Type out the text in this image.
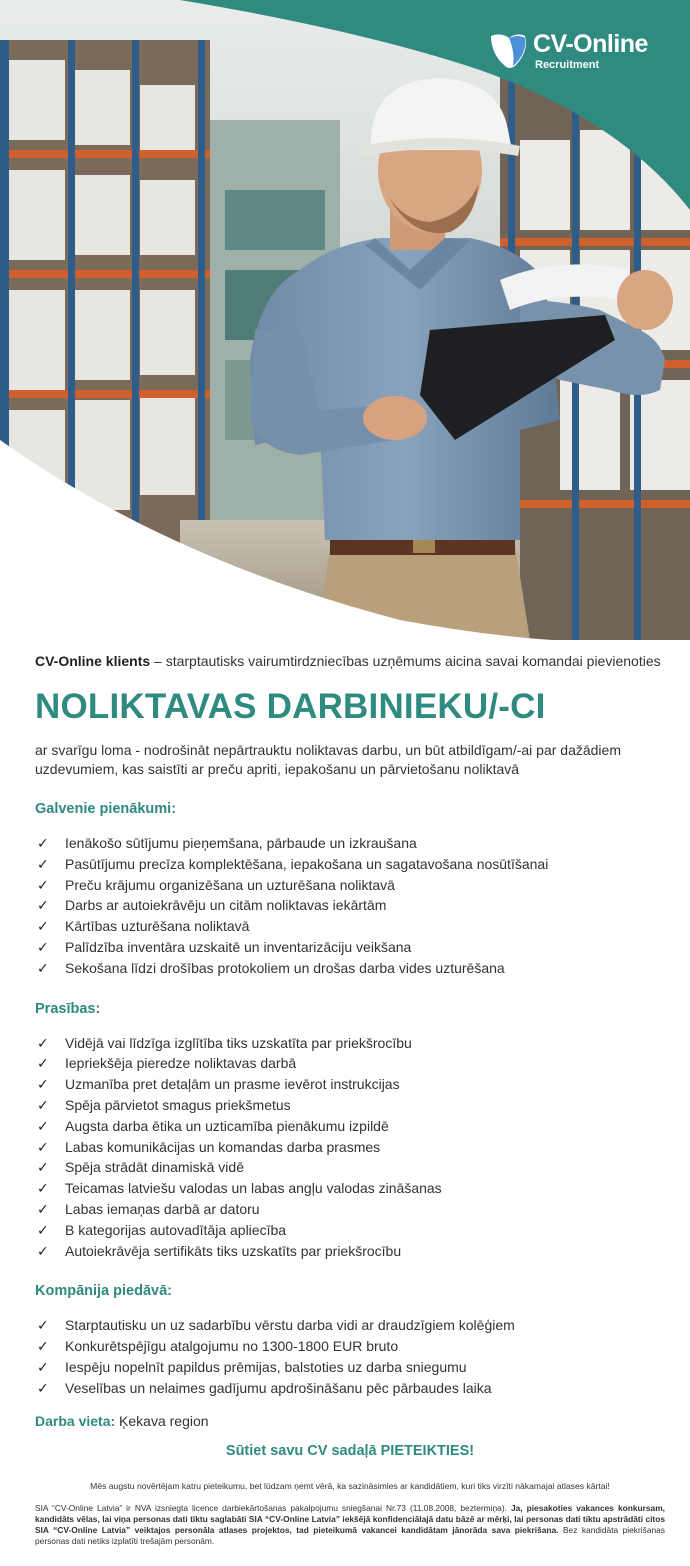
CV-Online
Recruitment

CV-Online klients – starptautisks vairumtirdzniecības uzņēmums aicina savai komandai pievienoties

NOLIKTAVAS DARBINIEKU/-CI

ar svarīgu loma - nodrošināt nepārtrauktu noliktavas darbu, un būt atbildīgam/-ai par dažādiem uzdevumiem, kas saistīti ar preču apriti, iepakošanu un pārvietošanu noliktavā

Galvenie pienākumi:
✓ Ienākošo sūtījumu pieņemšana, pārbaude un izkraušana
✓ Pasūtījumu precīza komplektēšana, iepakošana un sagatavošana nosūtīšanai
✓ Preču krājumu organizēšana un uzturēšana noliktavā
✓ Darbs ar autoiekrāvēju un citām noliktavas iekārtām
✓ Kārtības uzturēšana noliktavā
✓ Palīdzība inventāra uzskaitē un inventarizāciju veikšana
✓ Sekošana līdzi drošības protokoliem un drošas darba vides uzturēšana
Prasības:
✓ Vidējā vai līdzīga izglītība tiks uzskatīta par priekšrocību
✓ Iepriekšēja pieredze noliktavas darbā
✓ Uzmanība pret detaļām un prasme ievērot instrukcijas
✓ Spēja pārvietot smagus priekšmetus
✓ Augsta darba ētika un uzticamība pienākumu izpildē
✓ Labas komunikācijas un komandas darba prasmes
✓ Spēja strādāt dinamiskā vidē
✓ Teicamas latviešu valodas un labas angļu valodas zināšanas
✓ Labas iemaņas darbā ar datoru
✓ B kategorijas autovadītāja apliecība
✓ Autoiekrāvēja sertifikāts tiks uzskatīts par priekšrocību
Kompānija piedāvā:
✓ Starptautisku un uz sadarbību vērstu darba vidi ar draudzīgiem kolēģiem
✓ Konkurētspējīgu atalgojumu no 1300-1800 EUR bruto
✓ Iespēju nopelnīt papildus prēmijas, balstoties uz darba sniegumu
✓ Veselības un nelaimes gadījumu apdrošināšanu pēc pārbaudes laika

Darba vieta: Ķekava region

Sūtiet savu CV sadaļā PIETEIKTIES!

Mēs augstu novērtējam katru pieteikumu, bet lūdzam ņemt vērā, ka sazināsimies ar kandidātiem, kuri tiks virzīti nākamajai atlases kārtai!

SIA “CV-Online Latvia” ir NVA izsniegta licence darbiekārtošanas pakalpojumu sniegšanai Nr.73 (11.08.2008, beztermiņa). Ja, piesakoties vakances konkursam, kandidāts vēlas, lai viņa personas dati tiktu saglabāti SIA “CV-Online Latvia” iekšējā konfidenciālajā datu bāzē ar mērķi, lai personas dati tiktu apstrādāti citos SIA “CV-Online Latvia” veiktajos personāla atlases projektos, tad pieteikumā vakancei kandidātam jānorāda sava piekrišana. Bez kandidāta piekrišanas personas dati netiks izplatīti trešajām personām.
